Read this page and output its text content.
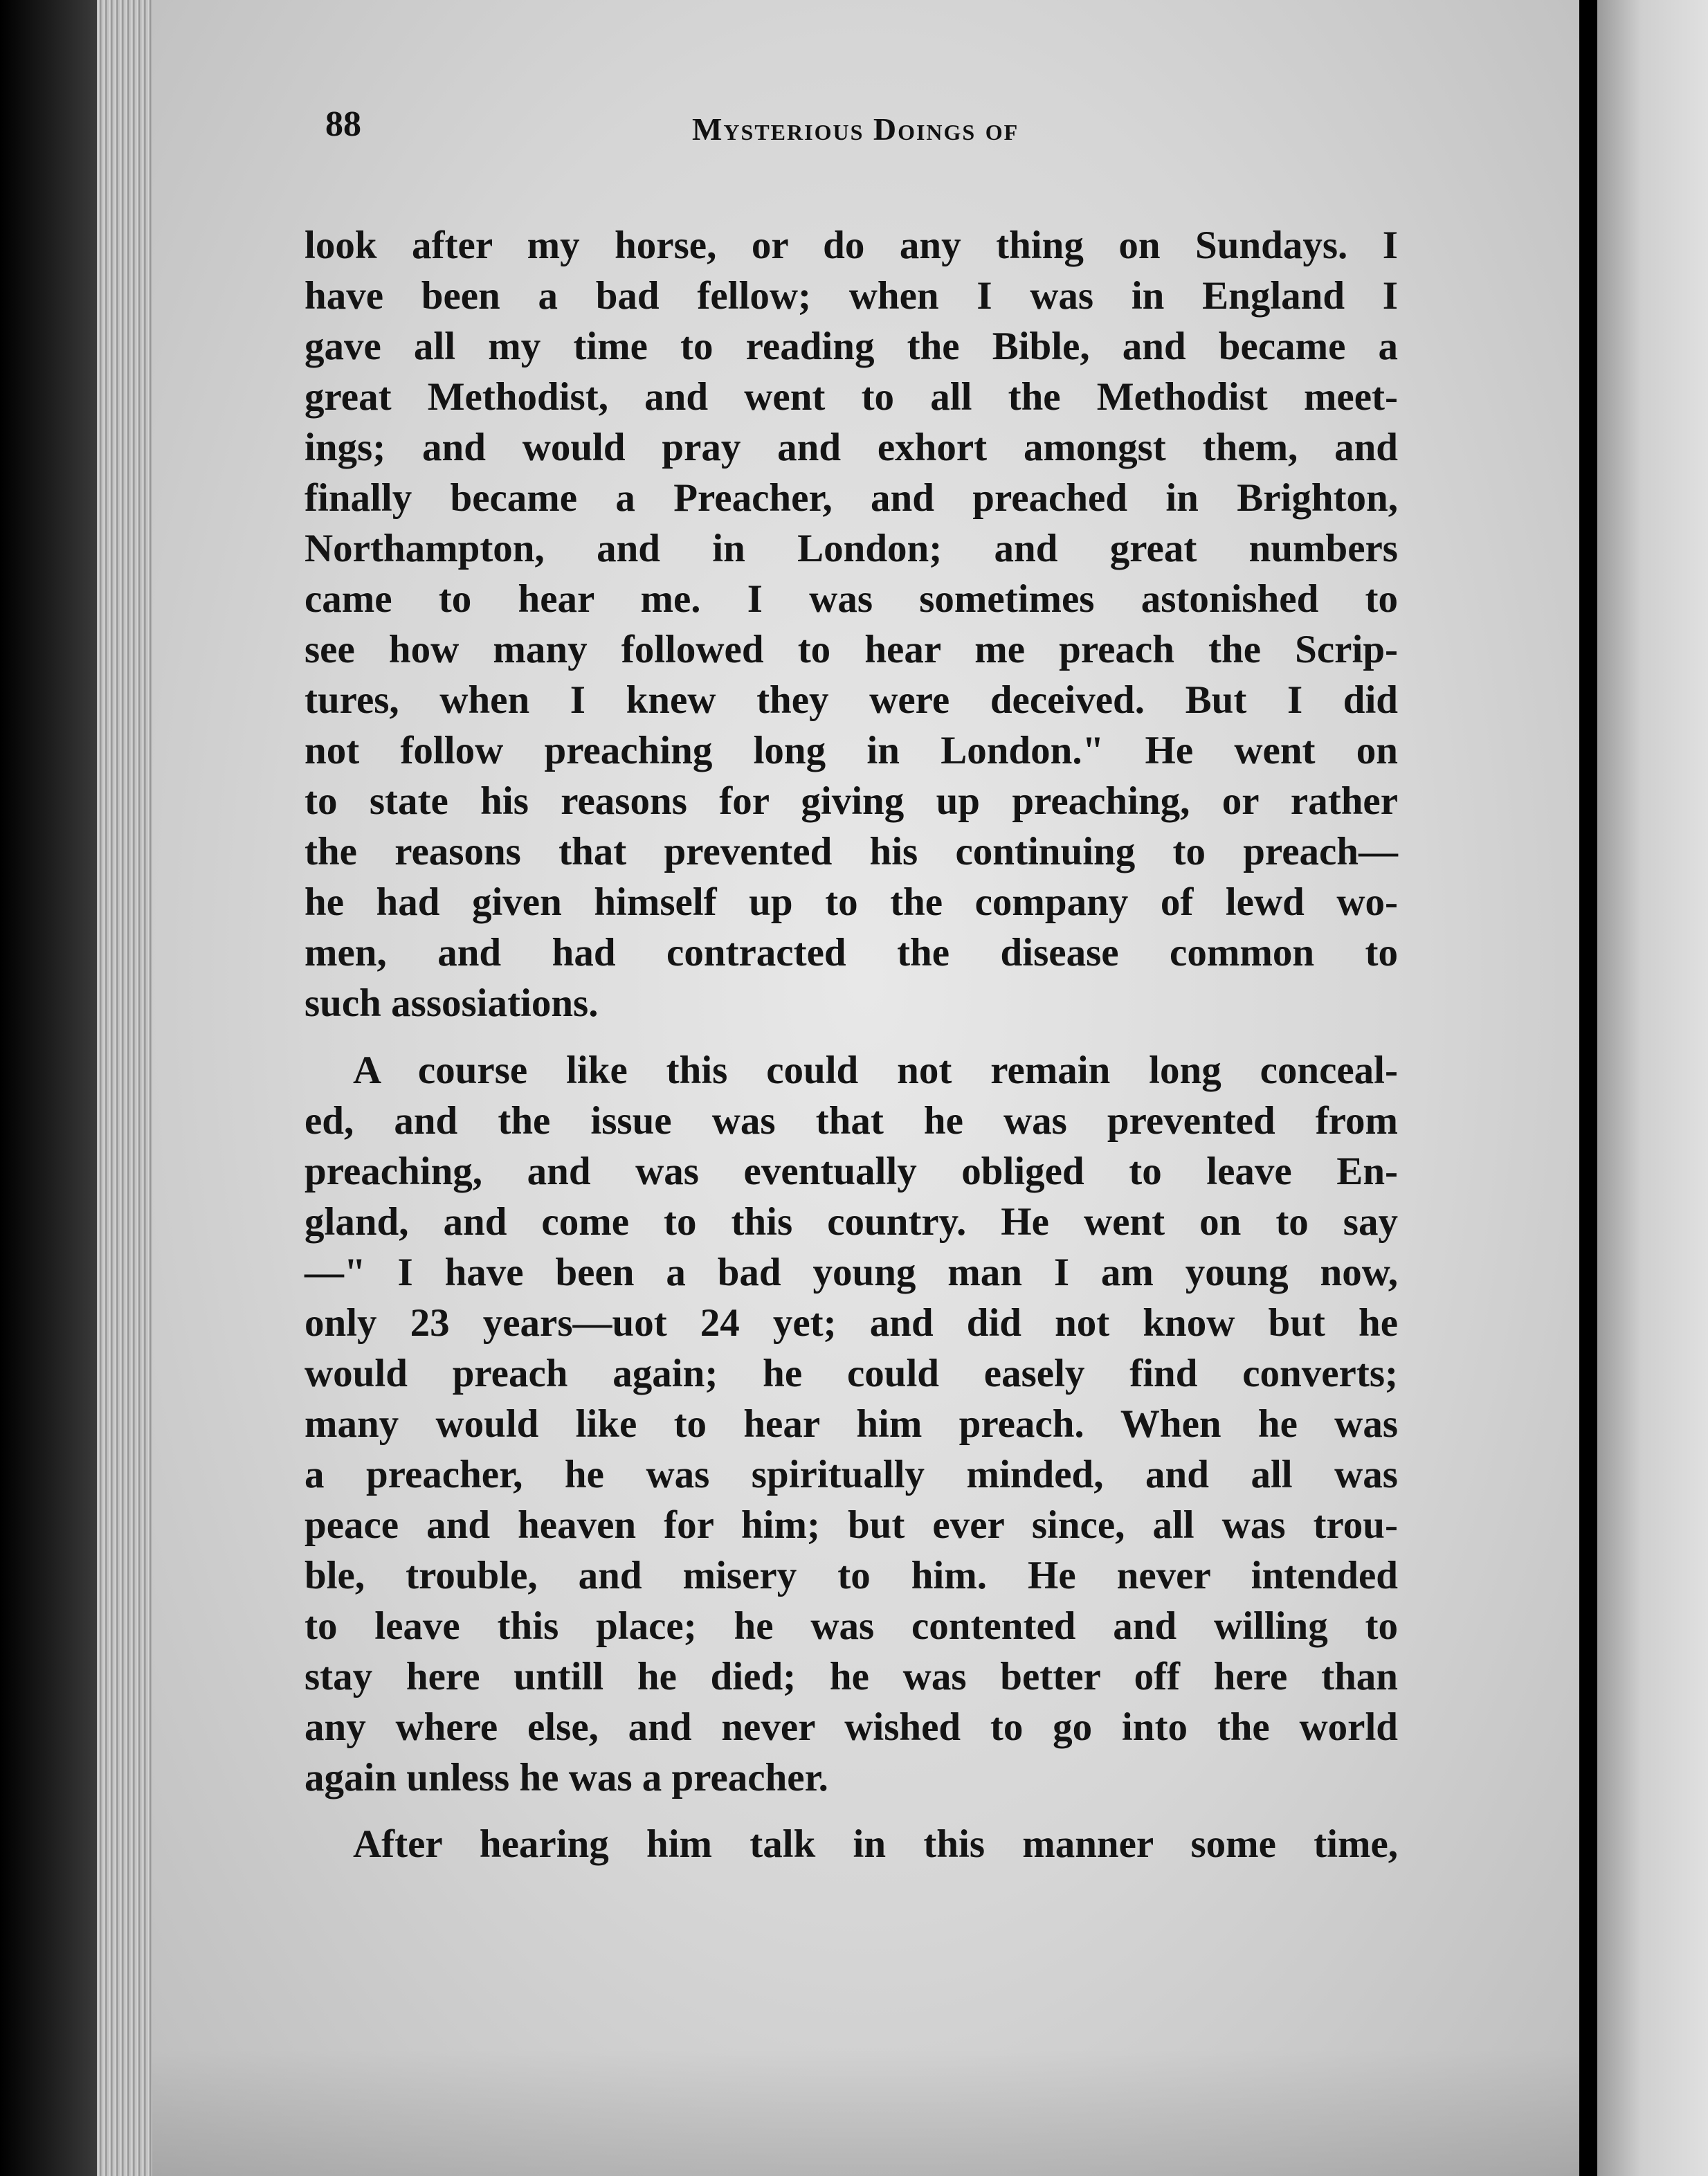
88	Mysterious Doings of
look after my horse, or do any thing on Sundays. I
have been a bad fellow; when I was in England I
gave all my time to reading the Bible, and became a
great Methodist, and went to all the Methodist meet-
ings; and would pray and exhort amongst them, and
finally became a Preacher, and preached in Brighton,
Northampton, and in London; and great numbers
came to hear me. I was sometimes astonished to
see how many followed to hear me preach the Scrip-
tures, when I knew they were deceived. But I did
not follow preaching long in London." He went on
to state his reasons for giving up preaching, or rather
the reasons that prevented his continuing to preach—
he had given himself up to the company of lewd wo-
men, and had contracted the disease common to
such assosiations.
A course like this could not remain long conceal-
ed, and the issue was that he was prevented from
preaching, and was eventually obliged to leave En-
gland, and come to this country. He went on to say
—" I have been a bad young man I am young now,
only 23 years—uot 24 yet; and did not know but he
would preach again; he could easely find converts;
many would like to hear him preach. When he was
a preacher, he was spiritually minded, and all was
peace and heaven for him; but ever since, all was trou-
ble, trouble, and misery to him. He never intended
to leave this place; he was contented and willing to
stay here untill he died; he was better off here than
any where else, and never wished to go into the world
again unless he was a preacher.
After hearing him talk in this manner some time,
